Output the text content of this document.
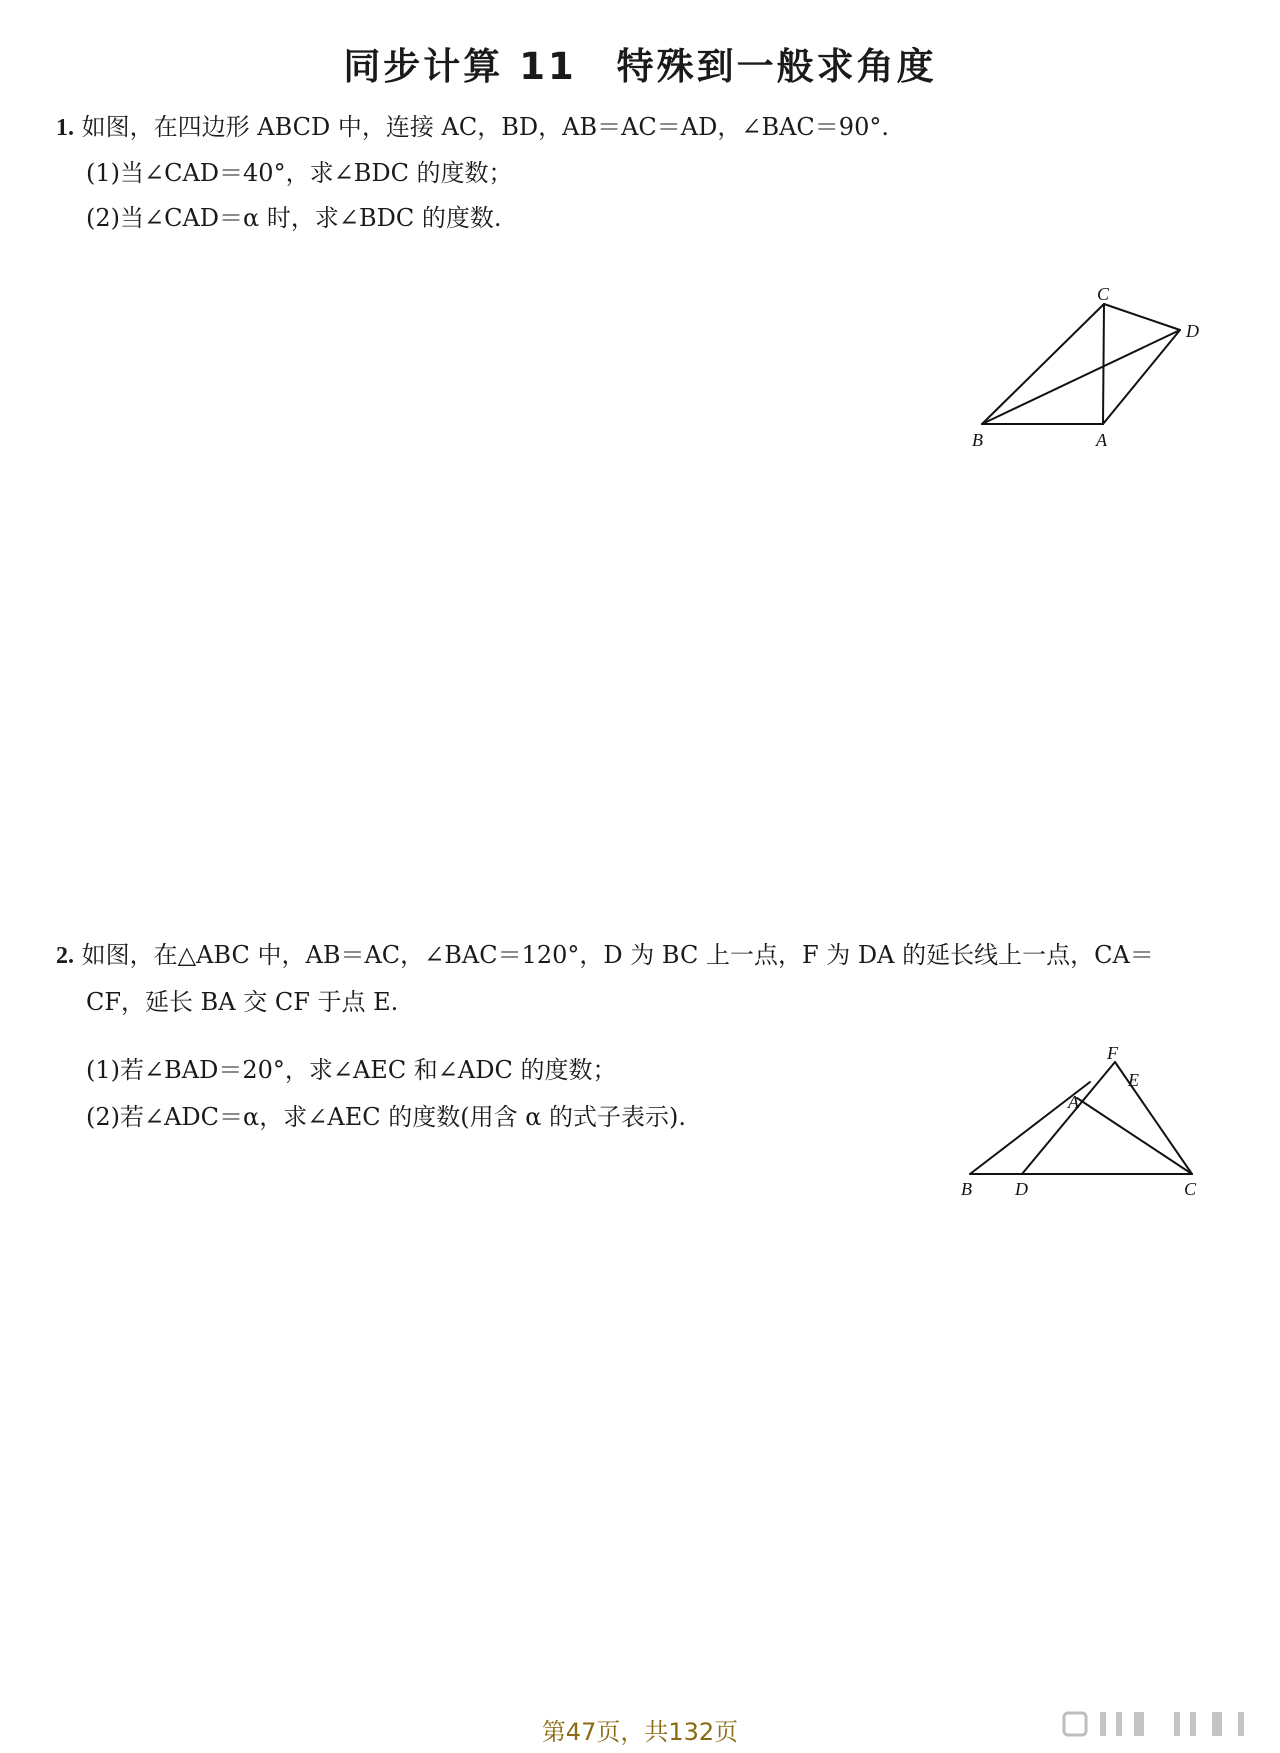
同步计算 11　特殊到一般求角度
1. 如图，在四边形 ABCD 中，连接 AC，BD，AB＝AC＝AD，∠BAC＝90°.
(1)当∠CAD＝40°，求∠BDC 的度数；
(2)当∠CAD＝α 时，求∠BDC 的度数.
C
D
B	A
2. 如图，在△ABC 中，AB＝AC，∠BAC＝120°，D 为 BC 上一点，F 为 DA 的延长线上一点，CA＝
CF，延长 BA 交 CF 于点 E.
(1)若∠BAD＝20°，求∠AEC 和∠ADC 的度数；
(2)若∠ADC＝α，求∠AEC 的度数(用含 α 的式子表示).
F
E
A
B D	C
第47页，共132页
